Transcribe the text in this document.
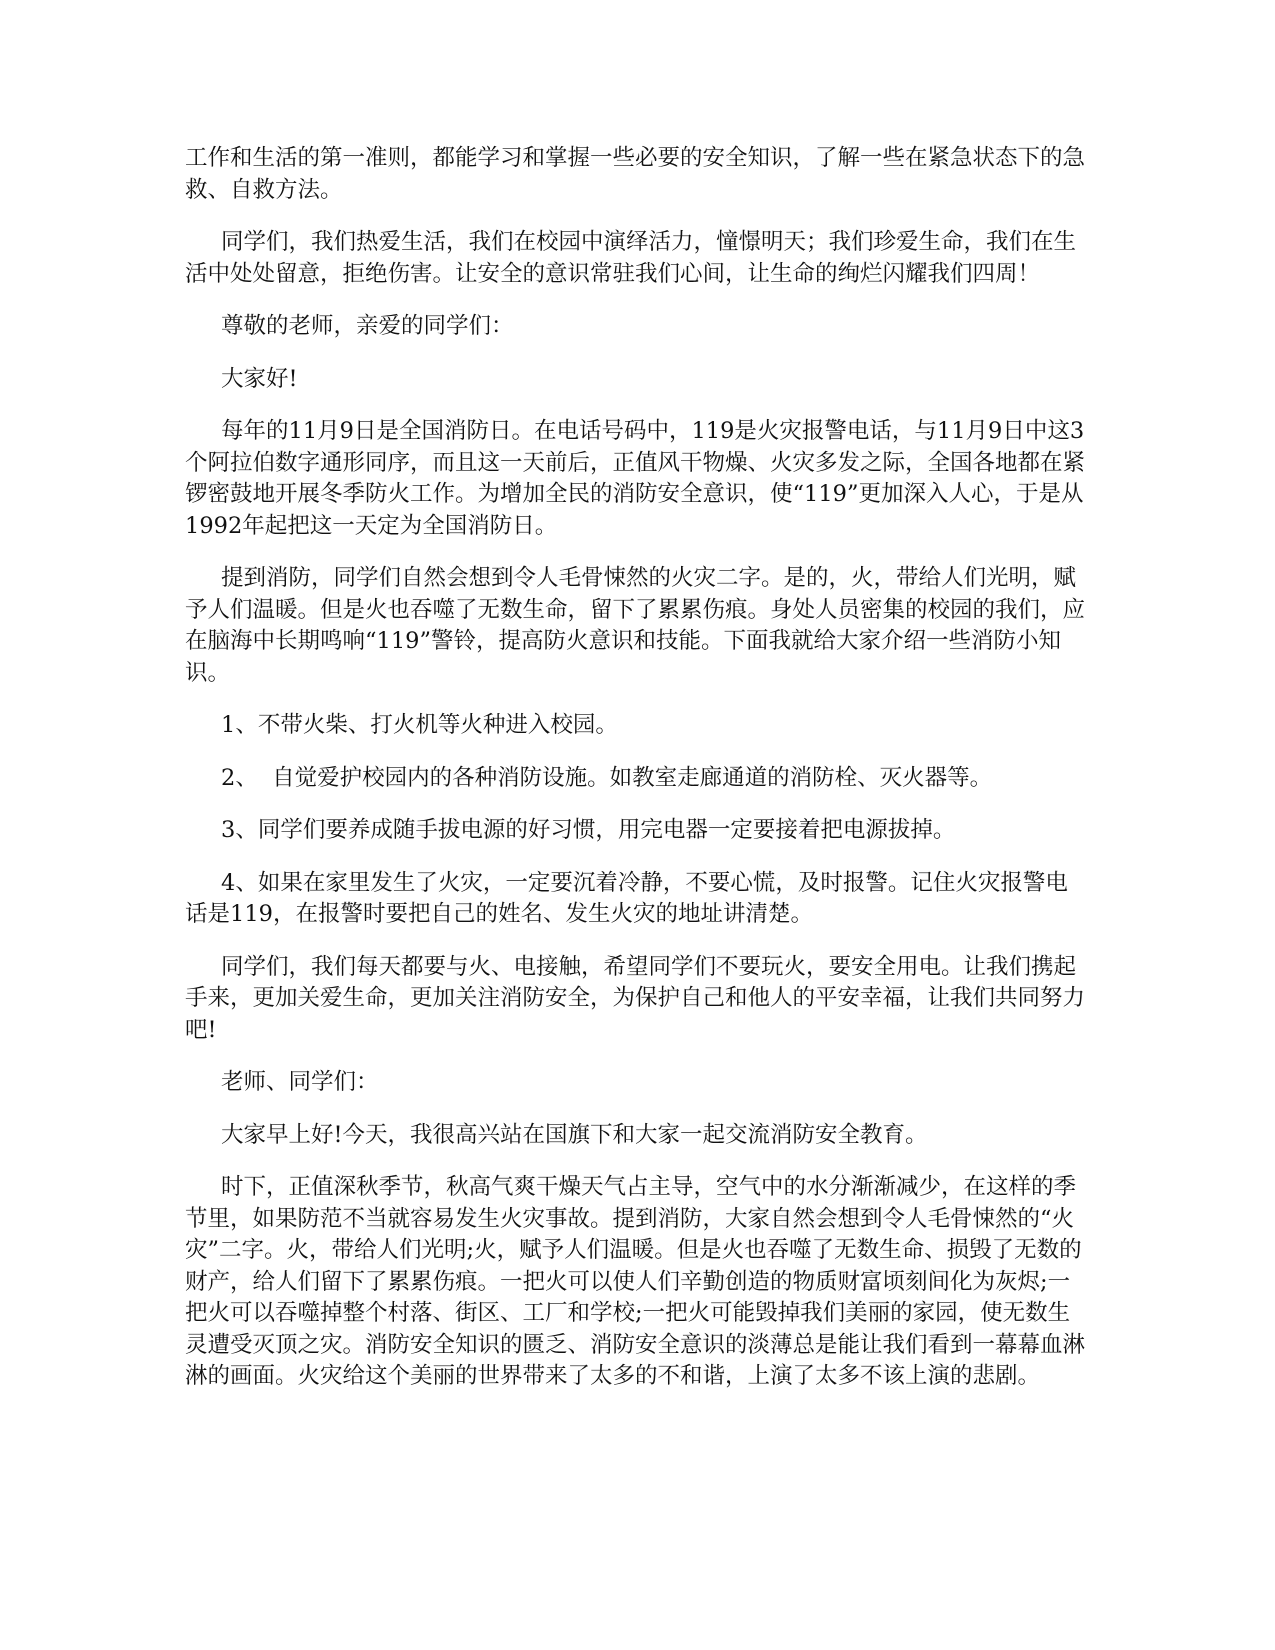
工作和生活的第一准则，都能学习和掌握一些必要的安全知识，了解一些在紧急状态下的急救、自救方法。

同学们，我们热爱生活，我们在校园中演绎活力，憧憬明天；我们珍爱生命，我们在生活中处处留意，拒绝伤害。让安全的意识常驻我们心间，让生命的绚烂闪耀我们四周！

尊敬的老师，亲爱的同学们：

大家好!

每年的11月9日是全国消防日。在电话号码中，119是火灾报警电话，与11月9日中这3个阿拉伯数字通形同序，而且这一天前后，正值风干物燥、火灾多发之际，全国各地都在紧锣密鼓地开展冬季防火工作。为增加全民的消防安全意识，使“119”更加深入人心，于是从1992年起把这一天定为全国消防日。

提到消防，同学们自然会想到令人毛骨悚然的火灾二字。是的，火，带给人们光明，赋予人们温暖。但是火也吞噬了无数生命，留下了累累伤痕。身处人员密集的校园的我们，应在脑海中长期鸣响“119”警铃，提高防火意识和技能。下面我就给大家介绍一些消防小知识。

1、不带火柴、打火机等火种进入校园。

2、  自觉爱护校园内的各种消防设施。如教室走廊通道的消防栓、灭火器等。

3、同学们要养成随手拔电源的好习惯，用完电器一定要接着把电源拔掉。

4、如果在家里发生了火灾，一定要沉着冷静，不要心慌，及时报警。记住火灾报警电话是119，在报警时要把自己的姓名、发生火灾的地址讲清楚。

同学们，我们每天都要与火、电接触，希望同学们不要玩火，要安全用电。让我们携起手来，更加关爱生命，更加关注消防安全，为保护自己和他人的平安幸福，让我们共同努力吧!

老师、同学们：

大家早上好!今天，我很高兴站在国旗下和大家一起交流消防安全教育。

时下，正值深秋季节，秋高气爽干燥天气占主导，空气中的水分渐渐减少，在这样的季节里，如果防范不当就容易发生火灾事故。提到消防，大家自然会想到令人毛骨悚然的“火灾”二字。火，带给人们光明;火，赋予人们温暖。但是火也吞噬了无数生命、损毁了无数的财产，给人们留下了累累伤痕。一把火可以使人们辛勤创造的物质财富顷刻间化为灰烬;一把火可以吞噬掉整个村落、街区、工厂和学校;一把火可能毁掉我们美丽的家园，使无数生灵遭受灭顶之灾。消防安全知识的匮乏、消防安全意识的淡薄总是能让我们看到一幕幕血淋淋的画面。火灾给这个美丽的世界带来了太多的不和谐，上演了太多不该上演的悲剧。
